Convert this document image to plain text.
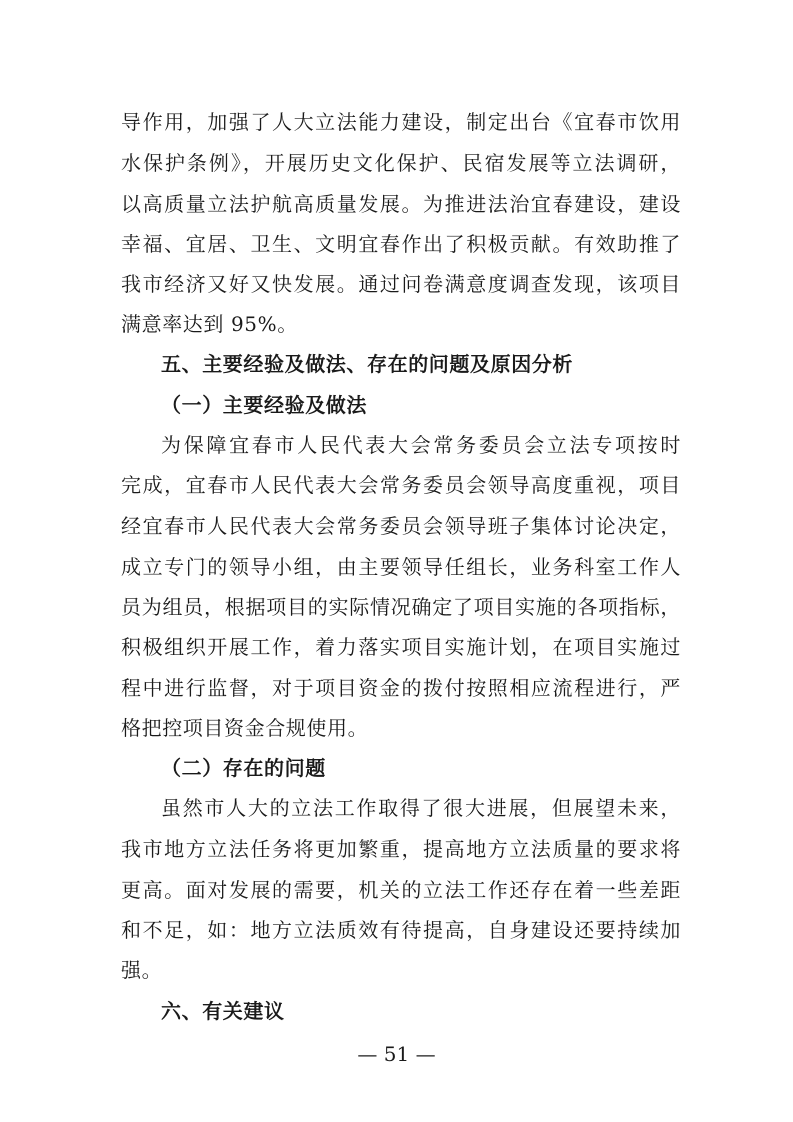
导作用，加强了人大立法能力建设，制定出台《宜春市饮用
水保护条例》，开展历史文化保护、民宿发展等立法调研，
以高质量立法护航高质量发展。为推进法治宜春建设，建设
幸福、宜居、卫生、文明宜春作出了积极贡献。有效助推了
我市经济又好又快发展。通过问卷满意度调查发现，该项目
满意率达到 95%。
五、主要经验及做法、存在的问题及原因分析
（一）主要经验及做法
为保障宜春市人民代表大会常务委员会立法专项按时
完成，宜春市人民代表大会常务委员会领导高度重视，项目
经宜春市人民代表大会常务委员会领导班子集体讨论决定，
成立专门的领导小组，由主要领导任组长，业务科室工作人
员为组员，根据项目的实际情况确定了项目实施的各项指标，
积极组织开展工作，着力落实项目实施计划，在项目实施过
程中进行监督，对于项目资金的拨付按照相应流程进行，严
格把控项目资金合规使用。
（二）存在的问题
虽然市人大的立法工作取得了很大进展，但展望未来，
我市地方立法任务将更加繁重，提高地方立法质量的要求将
更高。面对发展的需要，机关的立法工作还存在着一些差距
和不足，如：地方立法质效有待提高，自身建设还要持续加
强。
六、有关建议
— 51 —
